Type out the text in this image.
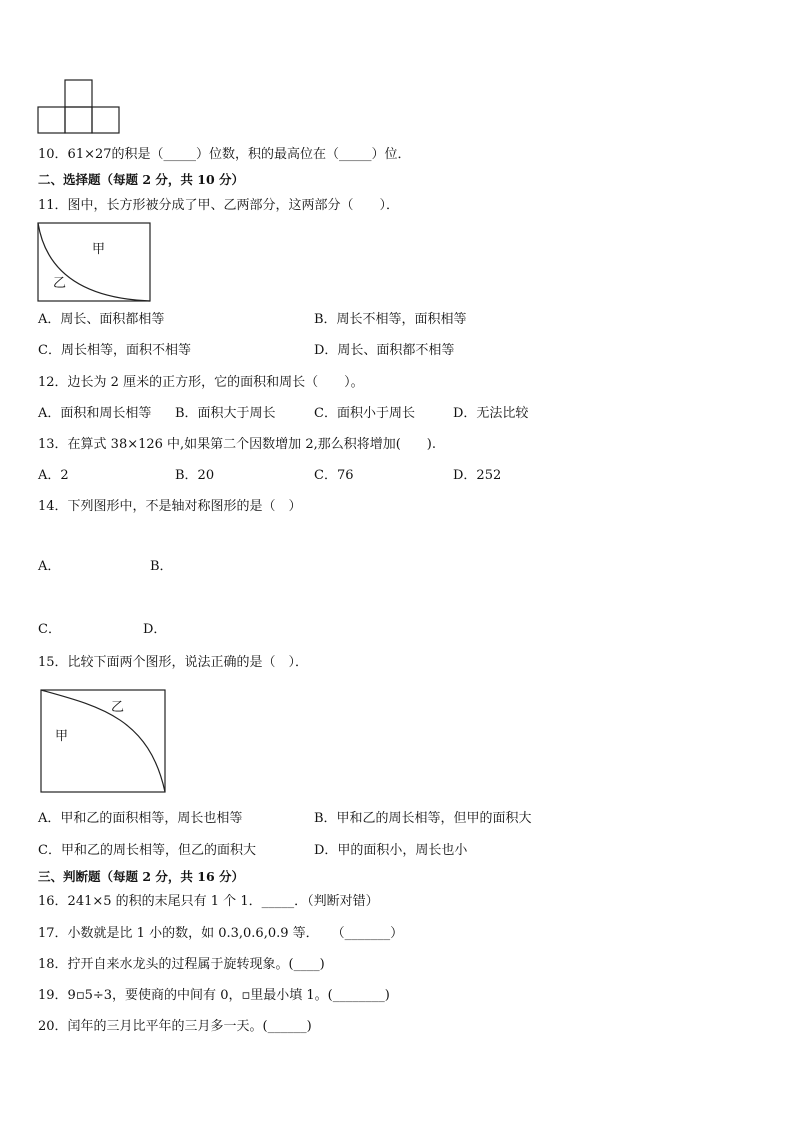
10．61×27的积是（_____）位数，积的最高位在（_____）位．
二、选择题（每题 2 分，共 10 分）
11．图中，长方形被分成了甲、乙两部分，这两部分（　　）．
甲
乙
A．周长、面积都相等	B．周长不相等，面积相等
C．周长相等，面积不相等	D．周长、面积都不相等
12．边长为 2 厘米的正方形，它的面积和周长（　　）。
A．面积和周长相等 B．面积大于周长	C．面积小于周长	D．无法比较
13．在算式 38×126 中,如果第二个因数增加 2,那么积将增加(　　).
A．2	B．20	C．76	D．252
14．下列图形中，不是轴对称图形的是（　）
A．	B．
C．	D．
15．比较下面两个图形，说法正确的是（　）．
乙
甲
A．甲和乙的面积相等，周长也相等	B．甲和乙的周长相等，但甲的面积大
C．甲和乙的周长相等，但乙的面积大	D．甲的面积小，周长也小
三、判断题（每题 2 分，共 16 分）
16．241×5 的积的末尾只有 1 个 1．_____．（判断对错）
17．小数就是比 1 小的数，如 0.3,0.6,0.9 等．　　（_______）
18．拧开自来水龙头的过程属于旋转现象。(____)
19．9▫5÷3，要使商的中间有 0，▫里最小填 1。(________)
20．闰年的三月比平年的三月多一天。(______)
